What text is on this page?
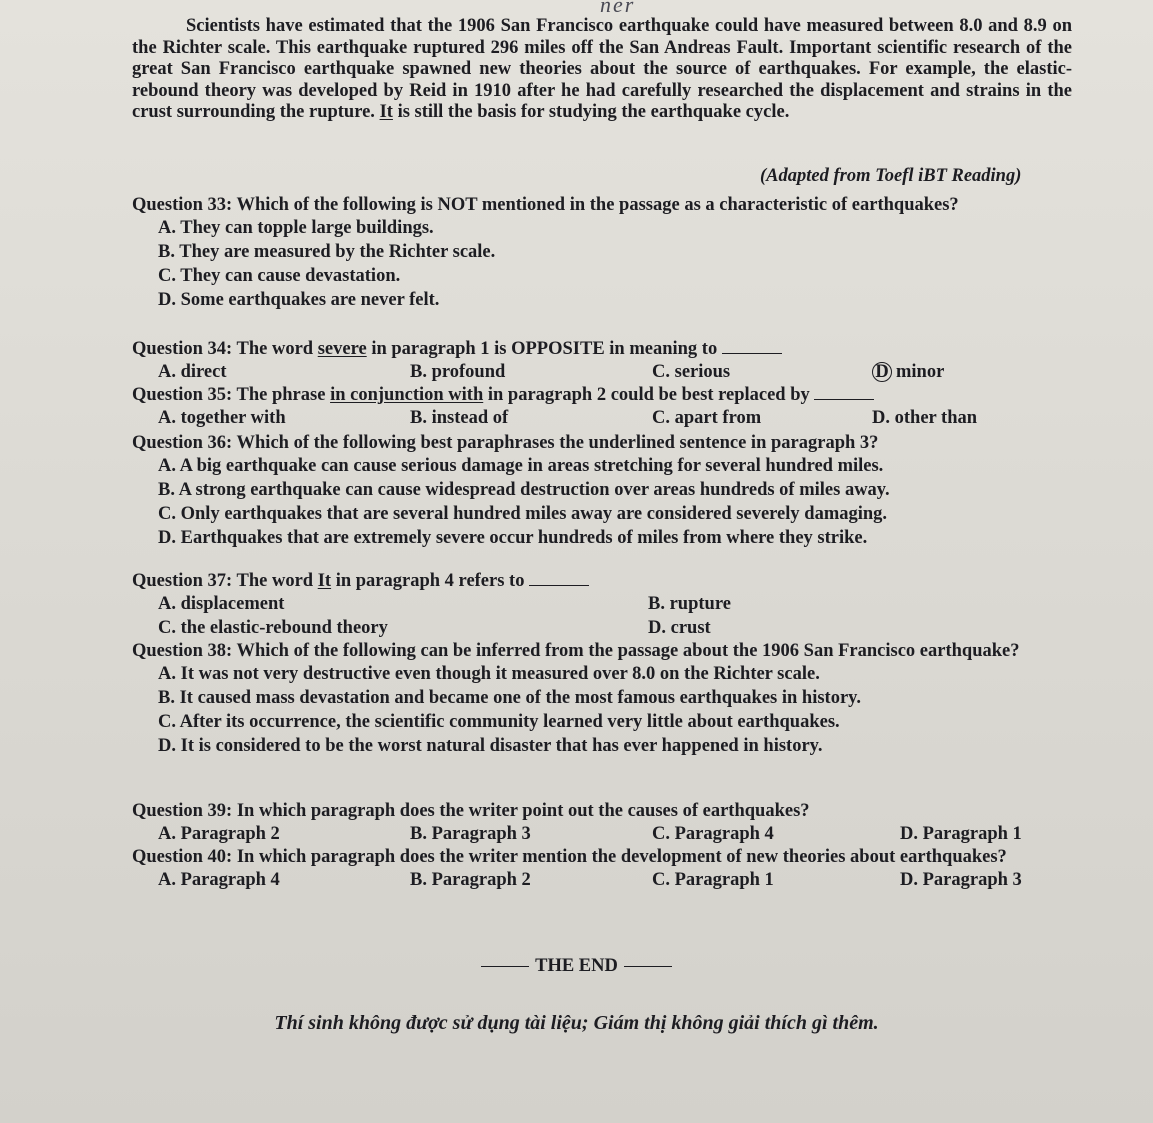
ner

Scientists have estimated that the 1906 San Francisco earthquake could have measured between 8.0 and 8.9 on the Richter scale. This earthquake ruptured 296 miles off the San Andreas Fault. Important scientific research of the great San Francisco earthquake spawned new theories about the source of earthquakes. For example, the elastic-rebound theory was developed by Reid in 1910 after he had carefully researched the displacement and strains in the crust surrounding the rupture. It is still the basis for studying the earthquake cycle.

(Adapted from Toefl iBT Reading)

Question 33: Which of the following is NOT mentioned in the passage as a characteristic of earthquakes?

A. They can topple large buildings.
B. They are measured by the Richter scale.
C. They can cause devastation.
D. Some earthquakes are never felt.

Question 34: The word severe in paragraph 1 is OPPOSITE in meaning to

A. direct	B. profound	C. serious	D minor

Question 35: The phrase in conjunction with in paragraph 2 could be best replaced by

A. together with	B. instead of	C. apart from	D. other than

Question 36: Which of the following best paraphrases the underlined sentence in paragraph 3?

A. A big earthquake can cause serious damage in areas stretching for several hundred miles.
B. A strong earthquake can cause widespread destruction over areas hundreds of miles away.
C. Only earthquakes that are several hundred miles away are considered severely damaging.
D. Earthquakes that are extremely severe occur hundreds of miles from where they strike.

Question 37: The word It in paragraph 4 refers to

A. displacement	B. rupture
C. the elastic-rebound theory	D. crust

Question 38: Which of the following can be inferred from the passage about the 1906 San Francisco earthquake?

A. It was not very destructive even though it measured over 8.0 on the Richter scale.
B. It caused mass devastation and became one of the most famous earthquakes in history.
C. After its occurrence, the scientific community learned very little about earthquakes.
D. It is considered to be the worst natural disaster that has ever happened in history.

Question 39: In which paragraph does the writer point out the causes of earthquakes?

A. Paragraph 2	B. Paragraph 3	C. Paragraph 4	D. Paragraph 1

Question 40: In which paragraph does the writer mention the development of new theories about earthquakes?

A. Paragraph 4	B. Paragraph 2	C. Paragraph 1	D. Paragraph 3
THE END
Thí sinh không được sử dụng tài liệu; Giám thị không giải thích gì thêm.
